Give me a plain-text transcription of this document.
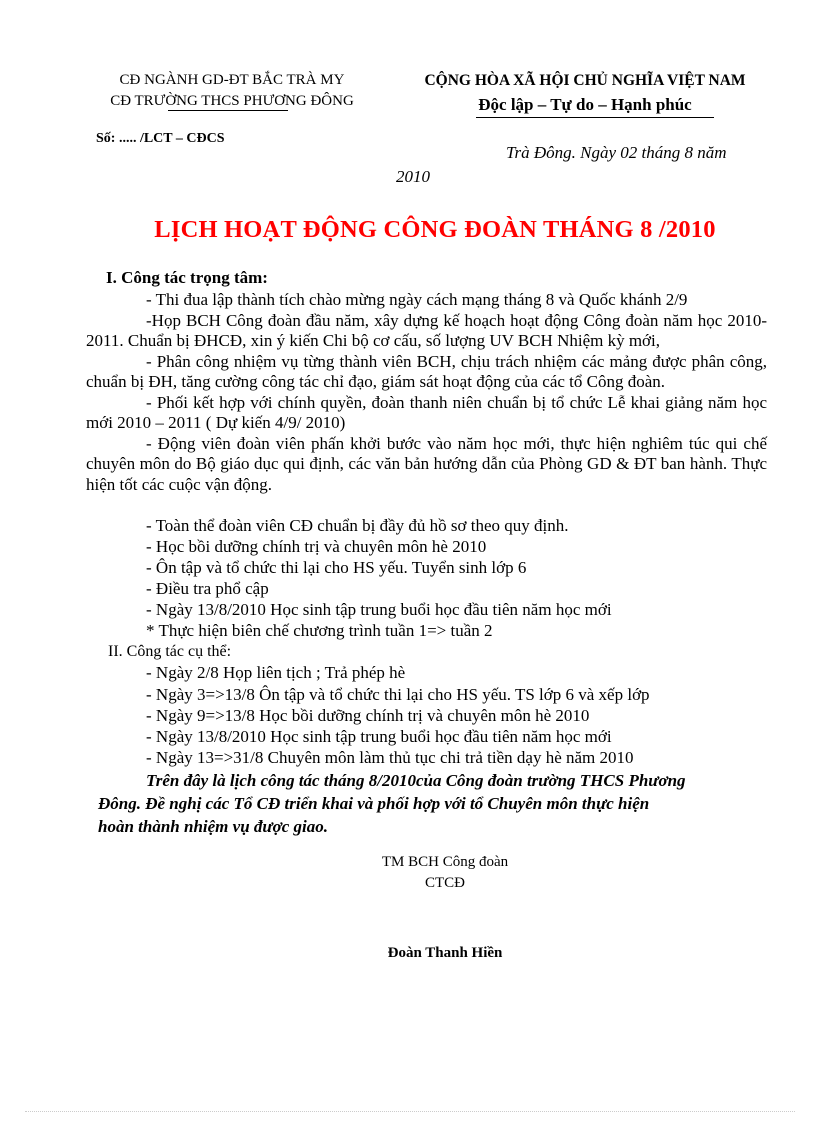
CĐ NGÀNH GD-ĐT BẮC TRÀ MY
CĐ TRƯỜNG THCS PHƯƠNG ĐÔNG
CỘNG HÒA XÃ HỘI CHỦ NGHĨA VIỆT NAM
Độc lập – Tự do – Hạnh phúc
Số: ..... /LCT – CĐCS
Trà Đông. Ngày 02 tháng 8 năm
2010
LỊCH HOẠT ĐỘNG CÔNG ĐOÀN THÁNG 8 /2010
I. Công tác trọng tâm:

- Thi đua lập thành tích chào mừng ngày cách mạng tháng 8 và Quốc khánh 2/9

-Họp BCH Công đoàn đầu năm, xây dựng kế hoạch hoạt động Công đoàn năm học 2010- 2011. Chuẩn bị ĐHCĐ, xin ý kiến Chi bộ cơ cấu, số lượng UV BCH Nhiệm kỳ mới,

- Phân công nhiệm vụ từng thành viên BCH, chịu trách nhiệm các mảng được phân công, chuẩn bị ĐH, tăng cường công tác chỉ đạo, giám sát hoạt động của các tổ Công đoàn.

- Phối kết hợp với chính quyền, đoàn thanh niên chuẩn bị tổ chức Lễ khai giảng năm học mới 2010 – 2011 ( Dự kiến 4/9/ 2010)

- Động viên đoàn viên phấn khởi bước vào năm học mới, thực hiện nghiêm túc qui chế chuyên môn do Bộ giáo dục qui định, các văn bản hướng dẫn của Phòng GD & ĐT ban hành. Thực hiện tốt các cuộc vận động.

- Toàn thể đoàn viên CĐ chuẩn bị đầy đủ hồ sơ theo quy định.
- Học bồi dưỡng chính trị và chuyên môn hè 2010
- Ôn tập và tổ chức thi lại cho HS yếu. Tuyển sinh lớp 6
- Điều tra phổ cập
- Ngày 13/8/2010 Học sinh tập trung buổi học đầu tiên năm học mới
* Thực hiện biên chế chương trình tuần 1=> tuần 2
II. Công tác cụ thể:
- Ngày 2/8 Họp liên tịch ; Trả phép hè
- Ngày 3=>13/8 Ôn tập và tổ chức thi lại cho HS yếu. TS lớp 6 và xếp lớp
- Ngày 9=>13/8 Học bồi dưỡng chính trị và chuyên môn hè 2010
- Ngày 13/8/2010 Học sinh tập trung buổi học đầu tiên năm học mới
- Ngày 13=>31/8 Chuyên môn làm thủ tục chi trả tiền dạy hè năm 2010

Trên đây là lịch công tác tháng 8/2010của Công đoàn trường THCS Phương

Đông. Đề nghị các Tổ CĐ triển khai và phối hợp với tổ Chuyên môn thực hiện

hoàn thành nhiệm vụ được giao.

TM BCH Công đoàn
CTCĐ
Đoàn Thanh Hiền
